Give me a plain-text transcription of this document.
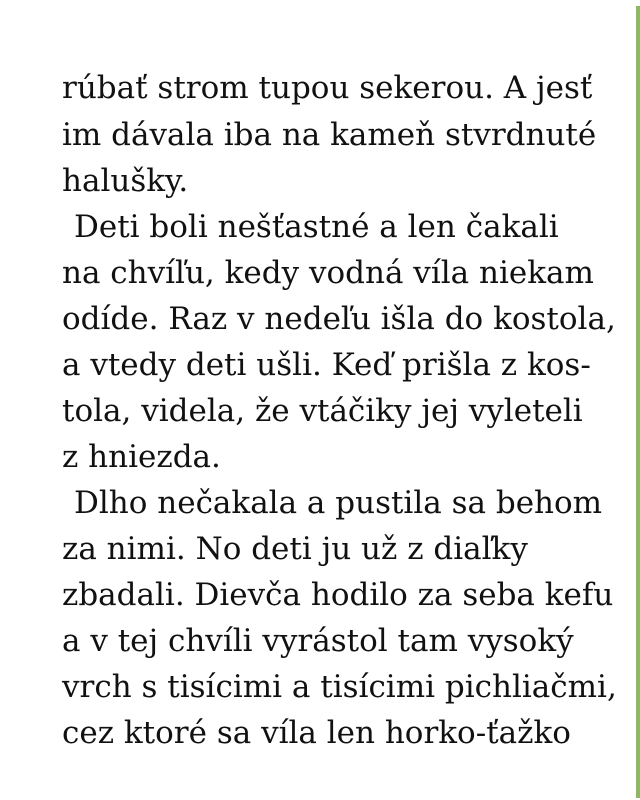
rúbať strom tupou sekerou. A jesť
im dávala iba na kameň stvrdnuté
halušky.
Deti boli nešťastné a len čakali
na chvíľu, kedy vodná víla niekam
odíde. Raz v nedeľu išla do kostola,
a vtedy deti ušli. Keď prišla z kos-
tola, videla, že vtáčiky jej vyleteli
z hniezda.
Dlho nečakala a pustila sa behom
za nimi. No deti ju už z diaľky
zbadali. Dievča hodilo za seba kefu
a v tej chvíli vyrástol tam vysoký
vrch s tisícimi a tisícimi pichliačmi,
cez ktoré sa víla len horko-ťažko
